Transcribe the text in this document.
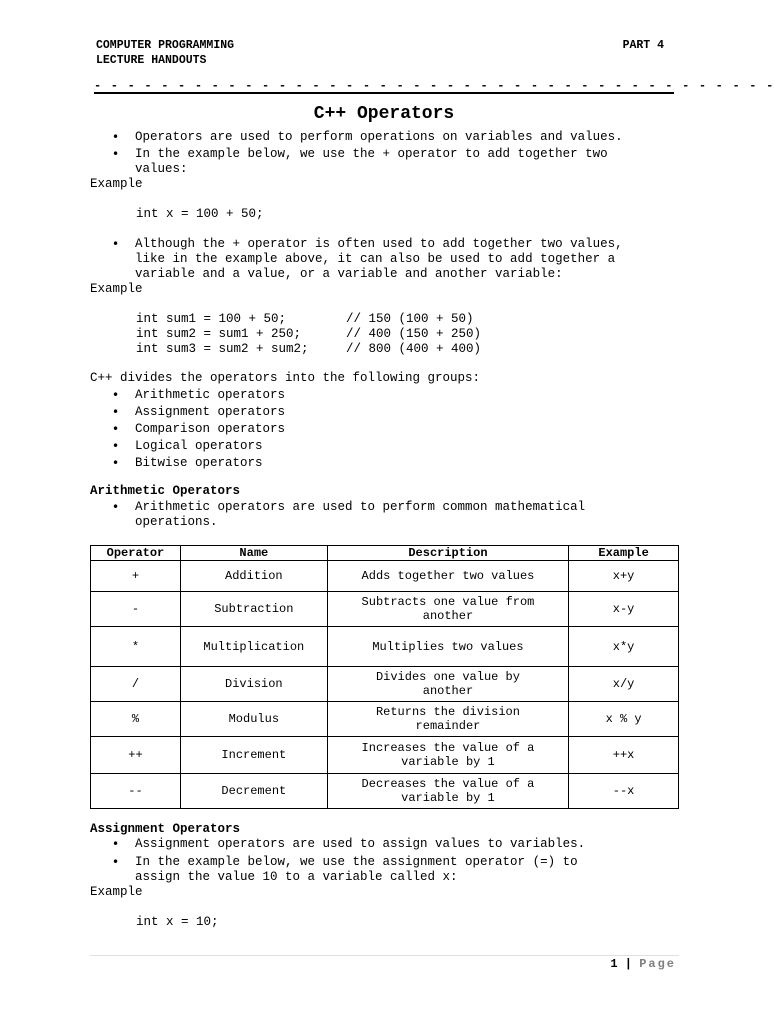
COMPUTER PROGRAMMING
LECTURE HANDOUTS
PART 4
- - - - - - - - - - - - - - - - - - - - - - - - - - - - - - - - - - - - - - - - -
C++ Operators
• Operators are used to perform operations on variables and values.
• In the example below, we use the + operator to add together two
values:
Example
int x = 100 + 50;
• Although the + operator is often used to add together two values,
like in the example above, it can also be used to add together a
variable and a value, or a variable and another variable:
Example
int sum1 = 100 + 50;        // 150 (100 + 50)
int sum2 = sum1 + 250;      // 400 (150 + 250)
int sum3 = sum2 + sum2;     // 800 (400 + 400)
C++ divides the operators into the following groups:
• Arithmetic operators
• Assignment operators
• Comparison operators
• Logical operators
• Bitwise operators
Arithmetic Operators
• Arithmetic operators are used to perform common mathematical
operations.
Operator	Name	Description	Example
+	Addition	Adds together two values	x+y
-	Subtraction	Subtracts one value from
another	x-y
*	Multiplication	Multiplies two values	x*y
/	Division	Divides one value by
another	x/y
%	Modulus	Returns the division
remainder	x % y
++	Increment	Increases the value of a
variable by 1	++x
--	Decrement	Decreases the value of a
variable by 1	--x
Assignment Operators
• Assignment operators are used to assign values to variables.
• In the example below, we use the assignment operator (=) to
assign the value 10 to a variable called x:
Example
int x = 10;
1 | Page
